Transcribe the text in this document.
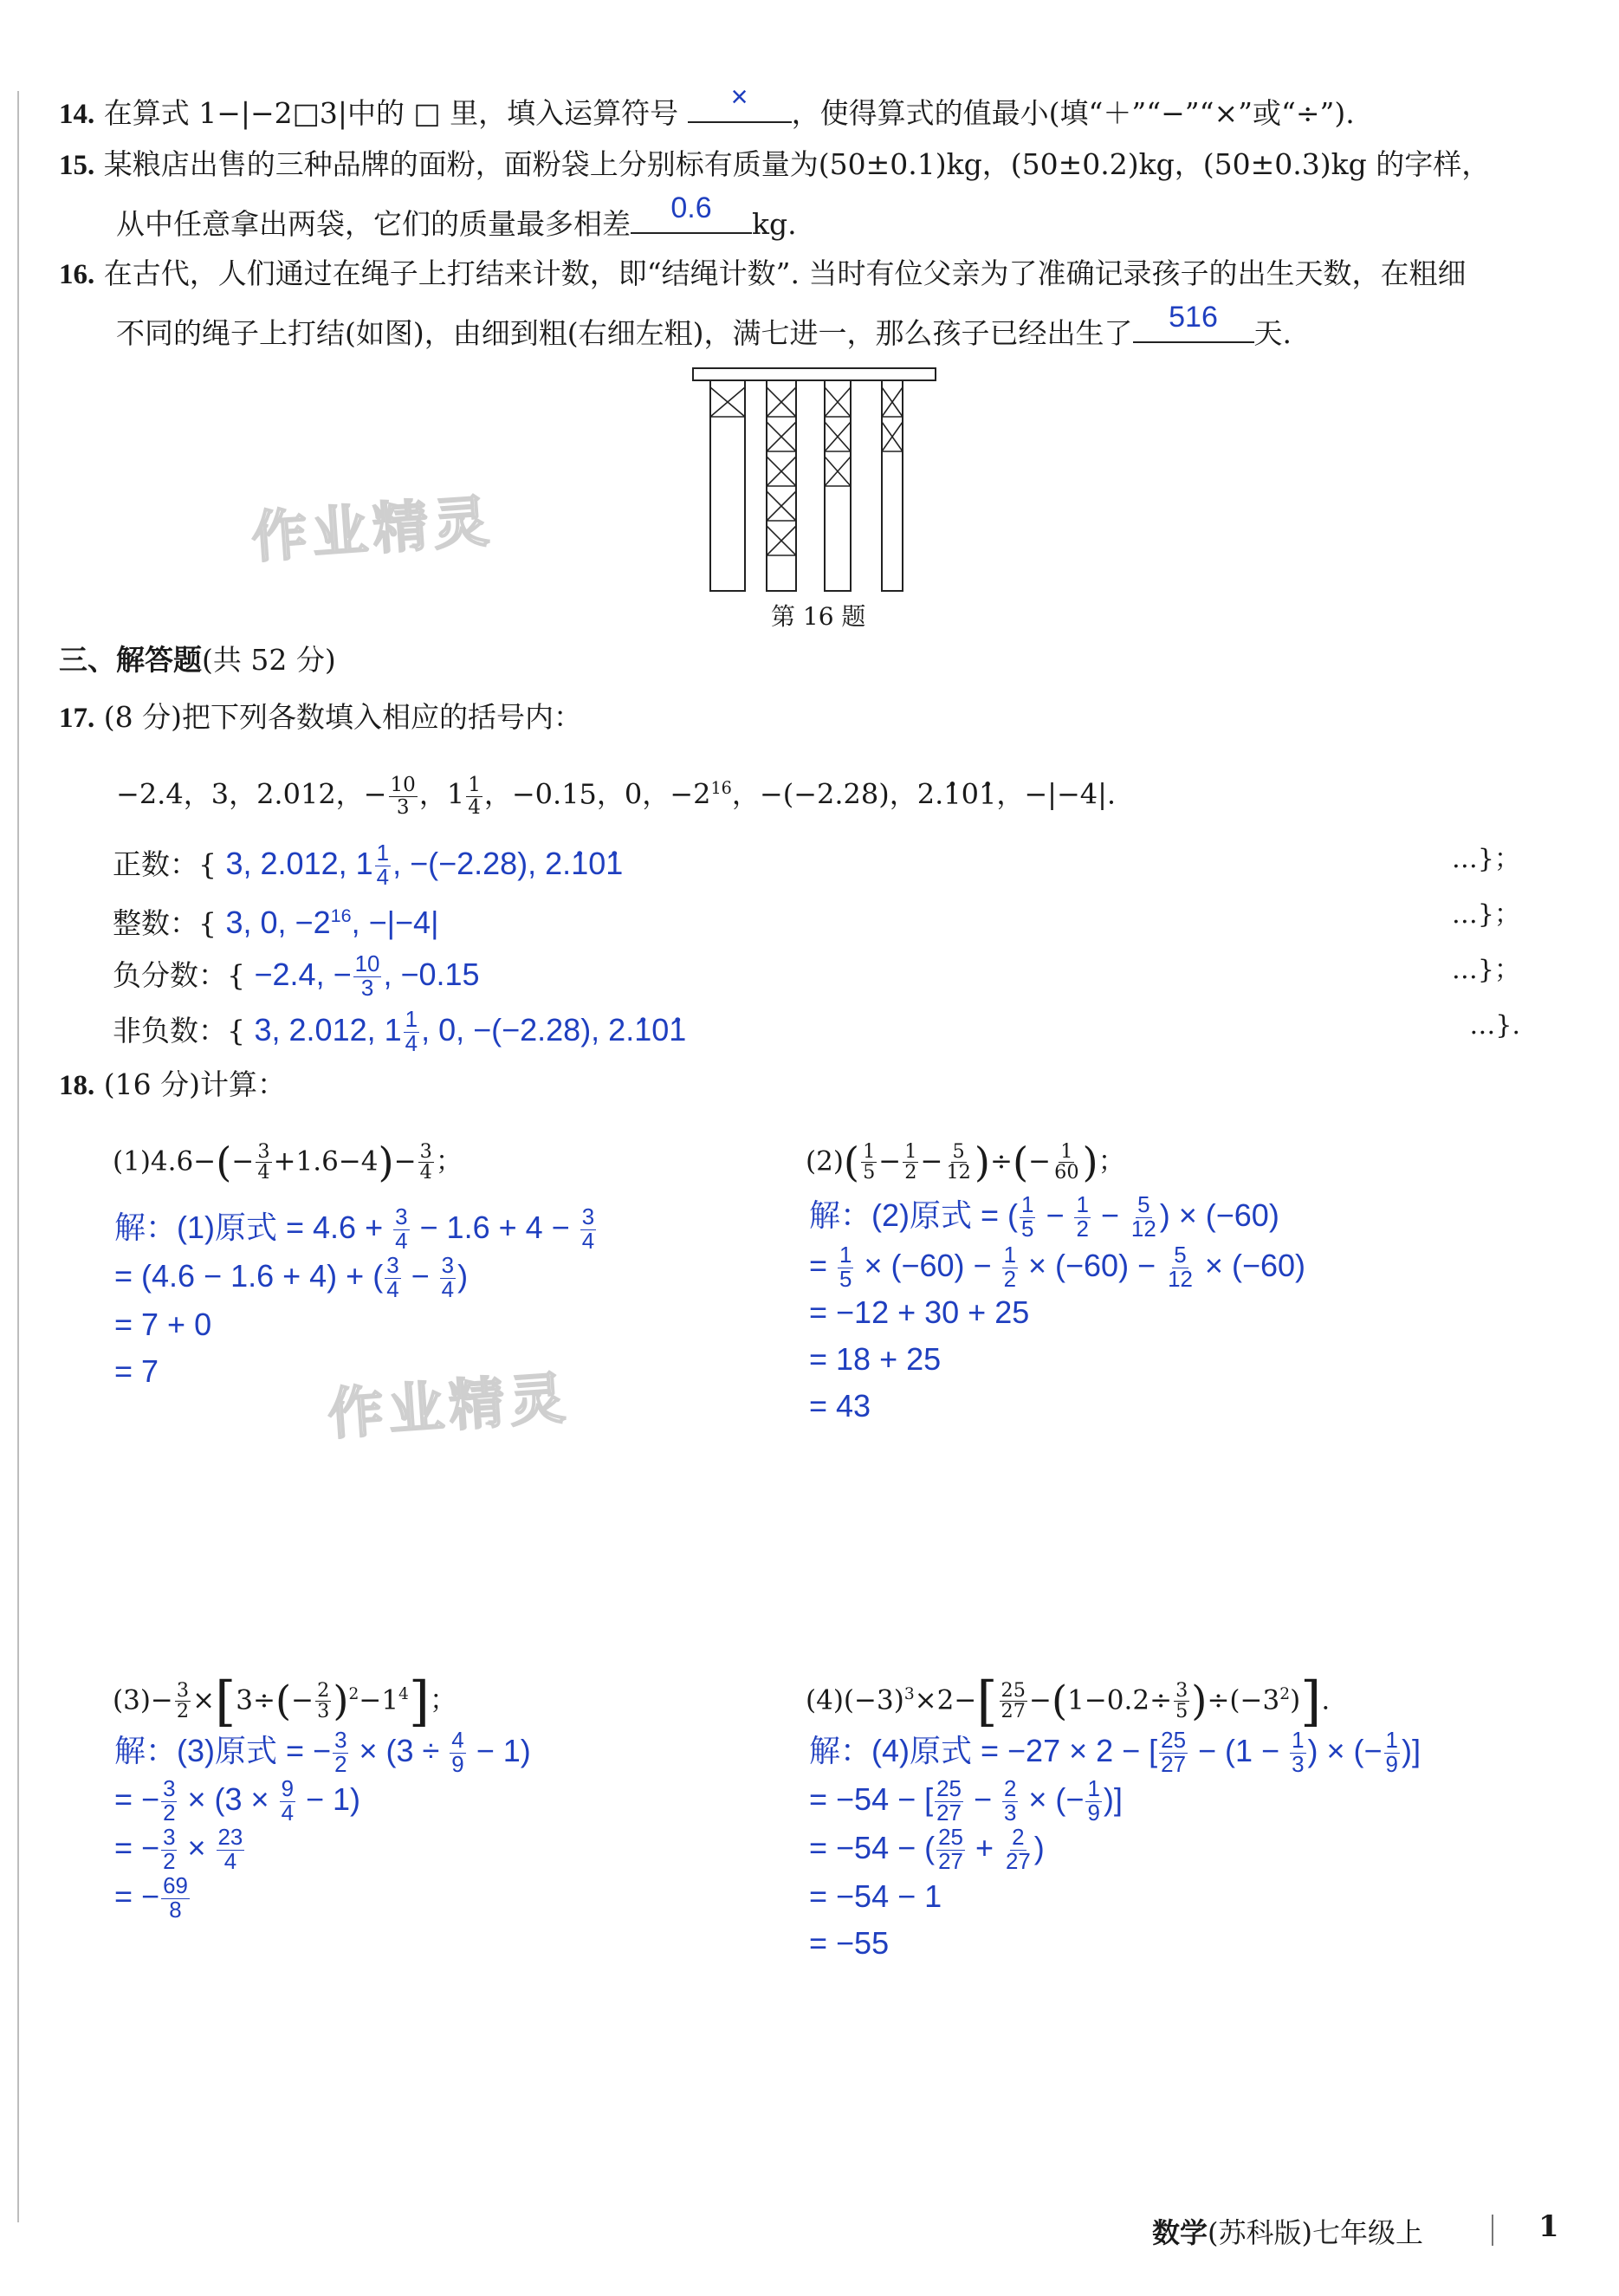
14. 在算式 1−|−2□3|中的 □ 里，填入运算符号	×	，使得算式的值最小(填“＋”“−”“×”或“÷”).
15. 某粮店出售的三种品牌的面粉，面粉袋上分别标有质量为(50±0.1)kg，(50±0.2)kg，(50±0.3)kg 的字样，
从中任意拿出两袋，它们的质量最多相差	0.6	kg.
16. 在古代，人们通过在绳子上打结来计数，即“结绳计数”. 当时有位父亲为了准确记录孩子的出生天数，在粗细
不同的绳子上打结(如图)，由细到粗(右细左粗)，满七进一，那么孩子已经出生了	516	天.
第 16 题
作业精灵
作业精灵
三、解答题(共 52 分)
17. (8 分)把下列各数填入相应的括号内：
−2.4，3，2.012，− $\frac{10}{3}$ ，$1 \frac{1}{4}$ ，−0.15，0，$-2^{16}$，−(−2.28)，2.• 10• 1，−|−4|.
正数：{ 3, 2.012, $1 \frac{1}{4}$ , −(−2.28), 2.• 10• 1	…}；
整数：{ 3, 0, $-2^{16}$, −|−4|	…}；
负分数：{ −2.4, − $\frac{10}{3}$ , −0.15	…}；
非负数：{ 3, 2.012, $1 \frac{1}{4}$ , 0, −(−2.28), 2.• 10• 1	…}.
18. (16 分)计算：
$(1)4.6-(- \frac{3}{4} +1.6-4)- \frac{3}{4}$ ；	$(2)( \frac{1}{5} - \frac{1}{2} - \frac{5}{12}$ )÷(− $\frac{1}{60}$ )；
解：(1)原式 = $4.6 + \frac{3}{4} - 1.6 + 4 - \frac{3}{4}$
= (4.6 − 1.6 + 4) + ( $\frac{3}{4} - \frac{3}{4}$ )
= 7 + 0
= 7
解：(2)原式 = ( $\frac{1}{5} - \frac{1}{2} - \frac{5}{12}$ ) × (−60)
= $\frac{1}{5} \times (-60) - \frac{1}{2} \times (-60) - \frac{5}{12} \times (-60)$
= −12 + 30 + 25
= 18 + 25
= 43
$(3)- \frac{3}{2} \times[3\div(- \frac{2}{3} )^2-1^4]$；	$(4)(-3)^3\times 2-[ \frac{25}{27} -(1-0.2\div \frac{3}{5} )\div(-3^2)]$.
解：(3)原式 = − $\frac{3}{2} \times (3 \div \frac{4}{9} - 1)$
= − $\frac{3}{2} \times (3 \times \frac{9}{4} - 1)$
= − $\frac{3}{2} \times \frac{23}{4}$
= − $\frac{69}{8}$
解：(4)原式 = −27 × 2 − [ $\frac{25}{27} - (1 - \frac{1}{3}$ ) × (− $\frac{1}{9}$ )]
= −54 − [ $\frac{25}{27} - \frac{2}{3}$ × (− $\frac{1}{9}$ )]
= −54 − ( $\frac{25}{27} + \frac{2}{27}$ )
= −54 − 1
= −55
数学(苏科版)七年级上	1
